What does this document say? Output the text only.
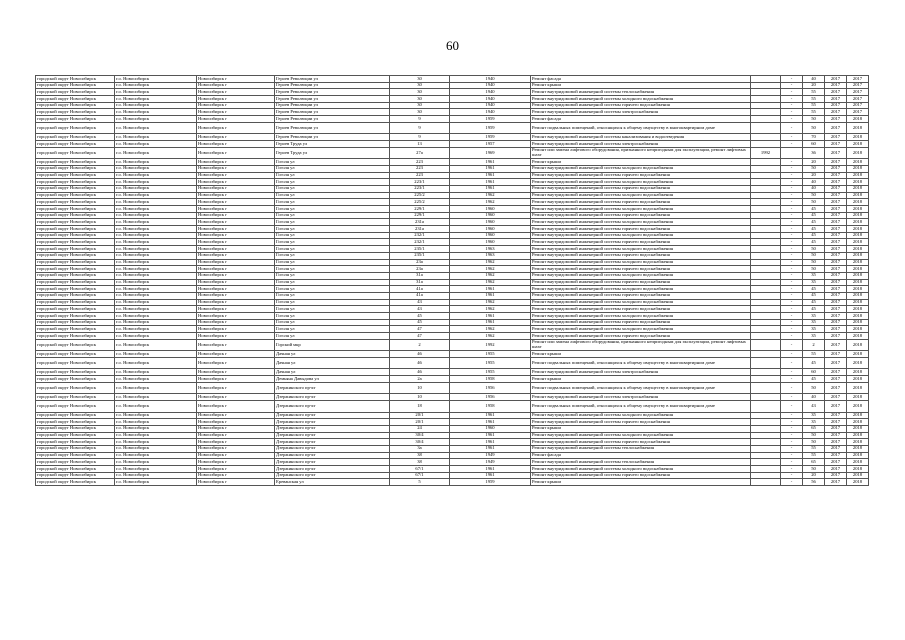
60
городской округ Новосибирск	г.о. Новосибирск	Новосибирск г	Героев Революции ул	30	1940	Ремонт фасада		-	40	2017	2017
городской округ Новосибирск	г.о. Новосибирск	Новосибирск г	Героев Революции ул	30	1940	Ремонт крыши		-	20	2017	2017
городской округ Новосибирск	г.о. Новосибирск	Новосибирск г	Героев Революции ул	30	1940	Ремонт внутридомовой инженерной системы теплоснабжения		-	55	2017	2017
городской округ Новосибирск	г.о. Новосибирск	Новосибирск г	Героев Революции ул	30	1940	Ремонт внутридомовой инженерной системы холодного водоснабжения		-	55	2017	2017
городской округ Новосибирск	г.о. Новосибирск	Новосибирск г	Героев Революции ул	30	1940	Ремонт внутридомовой инженерной системы горячего водоснабжения		-	55	2017	2017
городской округ Новосибирск	г.о. Новосибирск	Новосибирск г	Героев Революции ул	30	1940	Ремонт внутридомовой инженерной системы электроснабжения		-	55	2017	2017
городской округ Новосибирск	г.о. Новосибирск	Новосибирск г	Героев Революции ул	9	1959	Ремонт фасада		-	50	2017	2018
городской округ Новосибирск	г.о. Новосибирск	Новосибирск г	Героев Революции ул	9	1959	Ремонт подвальных помещений, относящихся к общему имуществу в многоквартирном доме		-	50	2017	2018
городской округ Новосибирск	г.о. Новосибирск	Новосибирск г	Героев Революции ул	9	1959	Ремонт внутридомовой инженерной системы канализования и водоотведения		-	70	2017	2018
городской округ Новосибирск	г.о. Новосибирск	Новосибирск г	Героев Труда ул	13	1957	Ремонт внутридомовой инженерной системы электроснабжения		-	60	2017	2018
городской округ Новосибирск	г.о. Новосибирск	Новосибирск г	Героев Труда ул	27а	1969	Ремонт или замена лифтового оборудования, признанного непригодным для эксплуатации, ремонт лифтовых шахт	1992		36	2017	2018
городской округ Новосибирск	г.о. Новосибирск	Новосибирск г	Гоголя ул	223	1961	Ремонт крыши		-	20	2017	2018
городской округ Новосибирск	г.о. Новосибирск	Новосибирск г	Гоголя ул	223	1961	Ремонт внутридомовой инженерной системы холодного водоснабжения		-	50	2017	2018
городской округ Новосибирск	г.о. Новосибирск	Новосибирск г	Гоголя ул	223	1961	Ремонт внутридомовой инженерной системы горячего водоснабжения		-	20	2017	2018
городской округ Новосибирск	г.о. Новосибирск	Новосибирск г	Гоголя ул	223/1	1961	Ремонт внутридомовой инженерной системы холодного водоснабжения		-	40	2017	2018
городской округ Новосибирск	г.о. Новосибирск	Новосибирск г	Гоголя ул	223/1	1961	Ремонт внутридомовой инженерной системы горячего водоснабжения		-	40	2017	2018
городской округ Новосибирск	г.о. Новосибирск	Новосибирск г	Гоголя ул	225/2	1962	Ремонт внутридомовой инженерной системы холодного водоснабжения		-	50	2017	2018
городской округ Новосибирск	г.о. Новосибирск	Новосибирск г	Гоголя ул	225/2	1962	Ремонт внутридомовой инженерной системы горячего водоснабжения		-	50	2017	2018
городской округ Новосибирск	г.о. Новосибирск	Новосибирск г	Гоголя ул	229/1	1960	Ремонт внутридомовой инженерной системы холодного водоснабжения		-	45	2017	2018
городской округ Новосибирск	г.о. Новосибирск	Новосибирск г	Гоголя ул	229/1	1960	Ремонт внутридомовой инженерной системы горячего водоснабжения		-	45	2017	2018
городской округ Новосибирск	г.о. Новосибирск	Новосибирск г	Гоголя ул	231а	1960	Ремонт внутридомовой инженерной системы холодного водоснабжения		-	45	2017	2018
городской округ Новосибирск	г.о. Новосибирск	Новосибирск г	Гоголя ул	231а	1960	Ремонт внутридомовой инженерной системы горячего водоснабжения		-	45	2017	2018
городской округ Новосибирск	г.о. Новосибирск	Новосибирск г	Гоголя ул	232/1	1960	Ремонт внутридомовой инженерной системы холодного водоснабжения		-	45	2017	2018
городской округ Новосибирск	г.о. Новосибирск	Новосибирск г	Гоголя ул	232/1	1960	Ремонт внутридомовой инженерной системы горячего водоснабжения		-	45	2017	2018
городской округ Новосибирск	г.о. Новосибирск	Новосибирск г	Гоголя ул	235/1	1963	Ремонт внутридомовой инженерной системы холодного водоснабжения		-	50	2017	2018
городской округ Новосибирск	г.о. Новосибирск	Новосибирск г	Гоголя ул	235/1	1963	Ремонт внутридомовой инженерной системы горячего водоснабжения		-	50	2017	2018
городской округ Новосибирск	г.о. Новосибирск	Новосибирск г	Гоголя ул	23а	1962	Ремонт внутридомовой инженерной системы холодного водоснабжения		-	50	2017	2018
городской округ Новосибирск	г.о. Новосибирск	Новосибирск г	Гоголя ул	23а	1962	Ремонт внутридомовой инженерной системы горячего водоснабжения		-	50	2017	2018
городской округ Новосибирск	г.о. Новосибирск	Новосибирск г	Гоголя ул	31а	1962	Ремонт внутридомовой инженерной системы холодного водоснабжения		-	35	2017	2018
городской округ Новосибирск	г.о. Новосибирск	Новосибирск г	Гоголя ул	31а	1962	Ремонт внутридомовой инженерной системы горячего водоснабжения		-	35	2017	2018
городской округ Новосибирск	г.о. Новосибирск	Новосибирск г	Гоголя ул	41а	1961	Ремонт внутридомовой инженерной системы холодного водоснабжения		-	45	2017	2018
городской округ Новосибирск	г.о. Новосибирск	Новосибирск г	Гоголя ул	41а	1961	Ремонт внутридомовой инженерной системы горячего водоснабжения		-	45	2017	2018
городской округ Новосибирск	г.о. Новосибирск	Новосибирск г	Гоголя ул	43	1962	Ремонт внутридомовой инженерной системы холодного водоснабжения		-	45	2017	2018
городской округ Новосибирск	г.о. Новосибирск	Новосибирск г	Гоголя ул	43	1962	Ремонт внутридомовой инженерной системы горячего водоснабжения		-	45	2017	2018
городской округ Новосибирск	г.о. Новосибирск	Новосибирск г	Гоголя ул	45	1961	Ремонт внутридомовой инженерной системы холодного водоснабжения		-	35	2017	2018
городской округ Новосибирск	г.о. Новосибирск	Новосибирск г	Гоголя ул	45	1961	Ремонт внутридомовой инженерной системы горячего водоснабжения		-	35	2017	2018
городской округ Новосибирск	г.о. Новосибирск	Новосибирск г	Гоголя ул	47	1962	Ремонт внутридомовой инженерной системы холодного водоснабжения		-	35	2017	2018
городской округ Новосибирск	г.о. Новосибирск	Новосибирск г	Гоголя ул	47	1962	Ремонт внутридомовой инженерной системы горячего водоснабжения		-	35	2017	2018
городской округ Новосибирск	г.о. Новосибирск	Новосибирск г	Горский мкр	2	1992	Ремонт или замена лифтового оборудования, признанного непригодным для эксплуатации, ремонт лифтовых шахт		-	2	2017	2018
городской округ Новосибирск	г.о. Новосибирск	Новосибирск г	Дачная ул	46	1955	Ремонт крыши		-	55	2017	2018
городской округ Новосибирск	г.о. Новосибирск	Новосибирск г	Дачная ул	46	1955	Ремонт подвальных помещений, относящихся к общему имуществу в многоквартирном доме		-	45	2017	2018
городской округ Новосибирск	г.о. Новосибирск	Новосибирск г	Дачная ул	46	1955	Ремонт внутридомовой инженерной системы электроснабжения		-	60	2017	2018
городской округ Новосибирск	г.о. Новосибирск	Новосибирск г	Демьяна Давыдова ул	2а	1958	Ремонт крыши		-	45	2017	2018
городской округ Новосибирск	г.о. Новосибирск	Новосибирск г	Дзержинского пр-кт	10	1956	Ремонт подвальных помещений, относящихся к общему имуществу в многоквартирном доме		-	50	2017	2018
городской округ Новосибирск	г.о. Новосибирск	Новосибирск г	Дзержинского пр-кт	10	1956	Ремонт внутридомовой инженерной системы электроснабжения		-	40	2017	2018
городской округ Новосибирск	г.о. Новосибирск	Новосибирск г	Дзержинского пр-кт	18	1958	Ремонт подвальных помещений, относящихся к общему имуществу в многоквартирном доме		-	43	2017	2018
городской округ Новосибирск	г.о. Новосибирск	Новосибирск г	Дзержинского пр-кт	20/1	1961	Ремонт внутридомовой инженерной системы холодного водоснабжения		-	35	2017	2018
городской округ Новосибирск	г.о. Новосибирск	Новосибирск г	Дзержинского пр-кт	20/1	1961	Ремонт внутридомовой инженерной системы горячего водоснабжения		-	35	2017	2018
городской округ Новосибирск	г.о. Новосибирск	Новосибирск г	Дзержинского пр-кт	24	1960	Ремонт крыши		-	65	2017	2018
городской округ Новосибирск	г.о. Новосибирск	Новосибирск г	Дзержинского пр-кт	30/4	1961	Ремонт внутридомовой инженерной системы холодного водоснабжения		-	50	2017	2018
городской округ Новосибирск	г.о. Новосибирск	Новосибирск г	Дзержинского пр-кт	30/4	1961	Ремонт внутридомовой инженерной системы горячего водоснабжения		-	50	2017	2018
городской округ Новосибирск	г.о. Новосибирск	Новосибирск г	Дзержинского пр-кт	3а	1961	Ремонт внутридомовой инженерной системы теплоснабжения		-	55	2017	2018
городской округ Новосибирск	г.о. Новосибирск	Новосибирск г	Дзержинского пр-кт	38	1949	Ремонт фасада		-	55	2017	2018
городской округ Новосибирск	г.о. Новосибирск	Новосибирск г	Дзержинского пр-кт	38	1949	Ремонт внутридомовой инженерной системы теплоснабжения		-	65	2017	2018
городской округ Новосибирск	г.о. Новосибирск	Новосибирск г	Дзержинского пр-кт	67/1	1961	Ремонт внутридомовой инженерной системы холодного водоснабжения		-	50	2017	2018
городской округ Новосибирск	г.о. Новосибирск	Новосибирск г	Дзержинского пр-кт	67/1	1961	Ремонт внутридомовой инженерной системы горячего водоснабжения		-	20	2017	2018
городской округ Новосибирск	г.о. Новосибирск	Новосибирск г	Ереванская ул	5	1959	Ремонт крыши		-	56	2017	2018
